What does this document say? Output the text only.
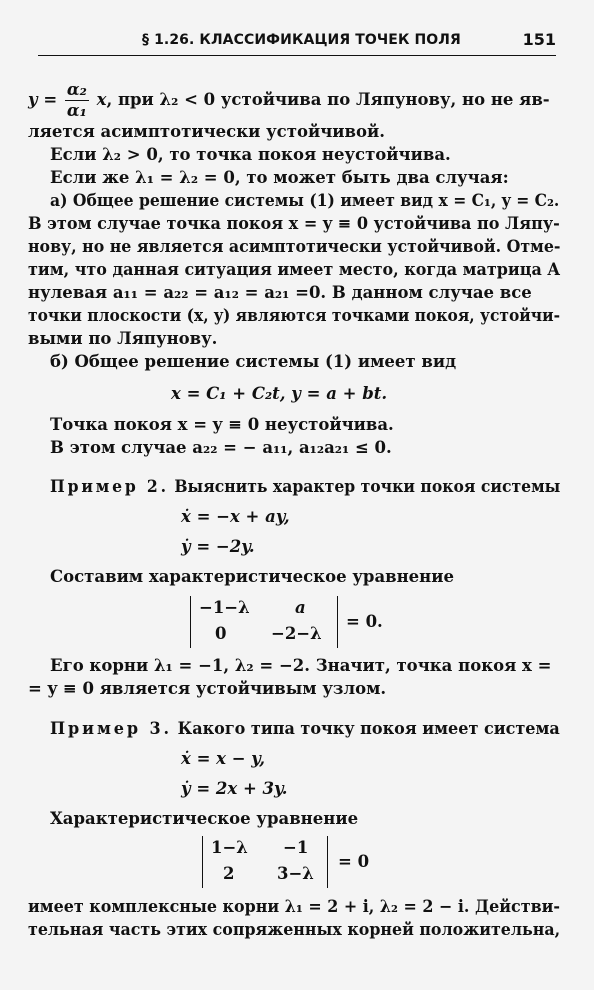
§ 1.26. КЛАССИФИКАЦИЯ ТОЧЕК ПОЛЯ	151
$y = \frac{\text{α₂}}{\text{α₁}} x$, при λ₂ < 0 устойчива по Ляпунову, но не яв-
ляется асимптотически устойчивой.
Если λ₂ > 0, то точка покоя неустойчива.
Если же λ₁ = λ₂ = 0, то может быть два случая:
а) Общее решение системы (1) имеет вид x = C₁, y = C₂.
В этом случае точка покоя x = y ≡ 0 устойчива по Ляпу-
нову, но не является асимптотически устойчивой. Отме-
тим, что данная ситуация имеет место, когда матрица A
нулевая a₁₁ = a₂₂ = a₁₂ = a₂₁ =0. В данном случае все
точки плоскости (x, y) являются точками покоя, устойчи-
выми по Ляпунову.
б) Общее решение системы (1) имеет вид
x = C₁ + C₂t, y = a + bt.
Точка покоя x = y ≡ 0 неустойчива.
В этом случае a₂₂ = − a₁₁, a₁₂a₂₁ ≤ 0.
Пример 2. Выяснить характер точки покоя системы
ẋ = −x + ay,
ẏ = −2y.
Составим характеристическое уравнение
−1−λ	a
0	−2−λ
= 0.
Его корни λ₁ = −1, λ₂ = −2. Значит, точка покоя x =
= y ≡ 0 является устойчивым узлом.
Пример 3. Какого типа точку покоя имеет система
ẋ = x − y,
ẏ = 2x + 3y.
Характеристическое уравнение
1−λ −1
2	3−λ
= 0
имеет комплексные корни λ₁ = 2 + i, λ₂ = 2 − i. Действи-
тельная часть этих сопряженных корней положительна,
